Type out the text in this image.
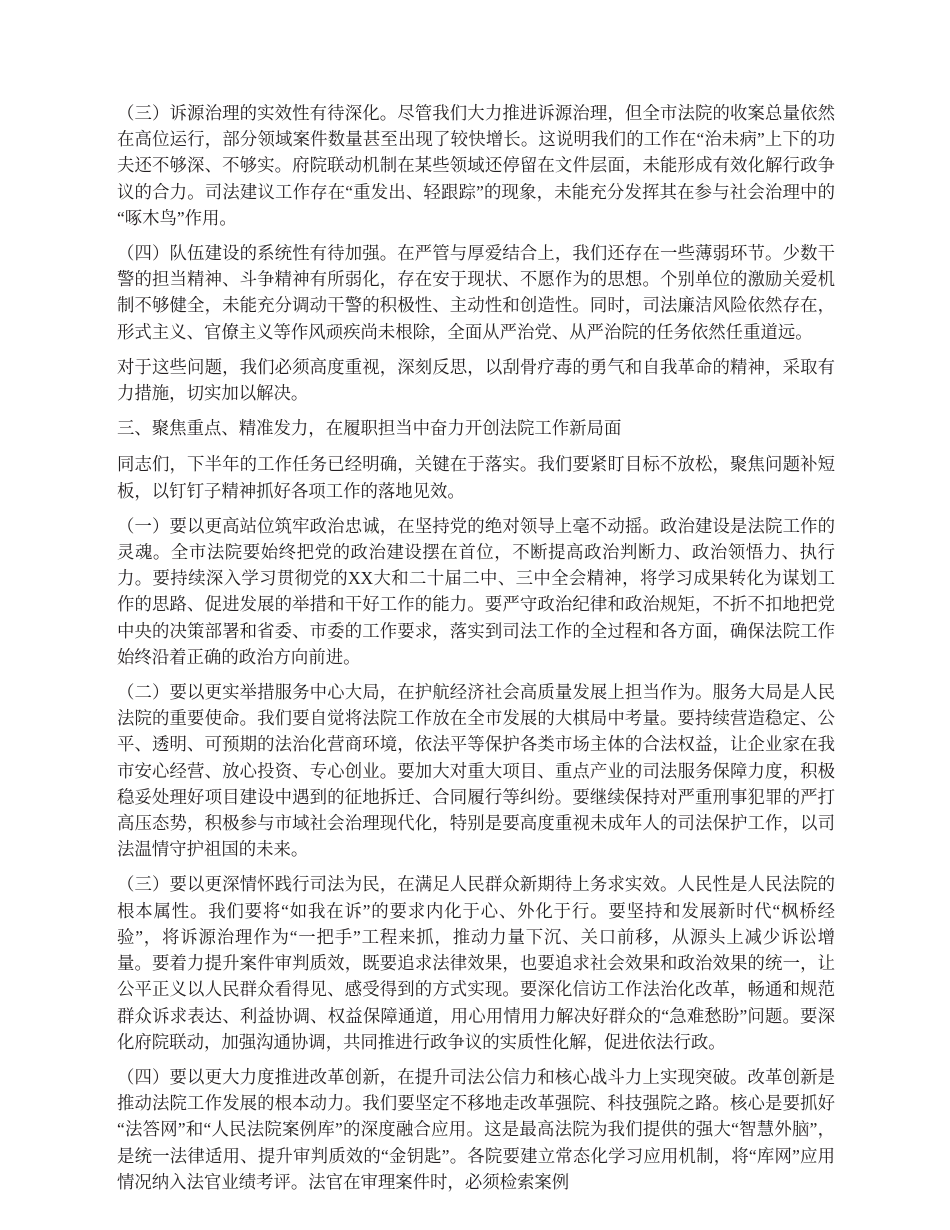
（三）诉源治理的实效性有待深化。尽管我们大力推进诉源治理，但全市法院的收案总量依然在高位运行，部分领域案件数量甚至出现了较快增长。这说明我们的工作在“治未病”上下的功夫还不够深、不够实。府院联动机制在某些领域还停留在文件层面，未能形成有效化解行政争议的合力。司法建议工作存在“重发出、轻跟踪”的现象，未能充分发挥其在参与社会治理中的“啄木鸟”作用。

（四）队伍建设的系统性有待加强。在严管与厚爱结合上，我们还存在一些薄弱环节。少数干警的担当精神、斗争精神有所弱化，存在安于现状、不愿作为的思想。个别单位的激励关爱机制不够健全，未能充分调动干警的积极性、主动性和创造性。同时，司法廉洁风险依然存在，形式主义、官僚主义等作风顽疾尚未根除，全面从严治党、从严治院的任务依然任重道远。

对于这些问题，我们必须高度重视，深刻反思，以刮骨疗毒的勇气和自我革命的精神，采取有力措施，切实加以解决。

三、聚焦重点、精准发力，在履职担当中奋力开创法院工作新局面

同志们，下半年的工作任务已经明确，关键在于落实。我们要紧盯目标不放松，聚焦问题补短板，以钉钉子精神抓好各项工作的落地见效。

（一）要以更高站位筑牢政治忠诚，在坚持党的绝对领导上毫不动摇。政治建设是法院工作的灵魂。全市法院要始终把党的政治建设摆在首位，不断提高政治判断力、政治领悟力、执行力。要持续深入学习贯彻党的XX大和二十届二中、三中全会精神，将学习成果转化为谋划工作的思路、促进发展的举措和干好工作的能力。要严守政治纪律和政治规矩，不折不扣地把党中央的决策部署和省委、市委的工作要求，落实到司法工作的全过程和各方面，确保法院工作始终沿着正确的政治方向前进。

（二）要以更实举措服务中心大局，在护航经济社会高质量发展上担当作为。服务大局是人民法院的重要使命。我们要自觉将法院工作放在全市发展的大棋局中考量。要持续营造稳定、公平、透明、可预期的法治化营商环境，依法平等保护各类市场主体的合法权益，让企业家在我市安心经营、放心投资、专心创业。要加大对重大项目、重点产业的司法服务保障力度，积极稳妥处理好项目建设中遇到的征地拆迁、合同履行等纠纷。要继续保持对严重刑事犯罪的严打高压态势，积极参与市域社会治理现代化，特别是要高度重视未成年人的司法保护工作，以司法温情守护祖国的未来。

（三）要以更深情怀践行司法为民，在满足人民群众新期待上务求实效。人民性是人民法院的根本属性。我们要将“如我在诉”的要求内化于心、外化于行。要坚持和发展新时代“枫桥经验”，将诉源治理作为“一把手”工程来抓，推动力量下沉、关口前移，从源头上减少诉讼增量。要着力提升案件审判质效，既要追求法律效果，也要追求社会效果和政治效果的统一，让公平正义以人民群众看得见、感受得到的方式实现。要深化信访工作法治化改革，畅通和规范群众诉求表达、利益协调、权益保障通道，用心用情用力解决好群众的“急难愁盼”问题。要深化府院联动，加强沟通协调，共同推进行政争议的实质性化解，促进依法行政。

（四）要以更大力度推进改革创新，在提升司法公信力和核心战斗力上实现突破。改革创新是推动法院工作发展的根本动力。我们要坚定不移地走改革强院、科技强院之路。核心是要抓好“法答网”和“人民法院案例库”的深度融合应用。这是最高法院为我们提供的强大“智慧外脑”，是统一法律适用、提升审判质效的“金钥匙”。各院要建立常态化学习应用机制，将“库网”应用情况纳入法官业绩考评。法官在审理案件时，必须检索案例
